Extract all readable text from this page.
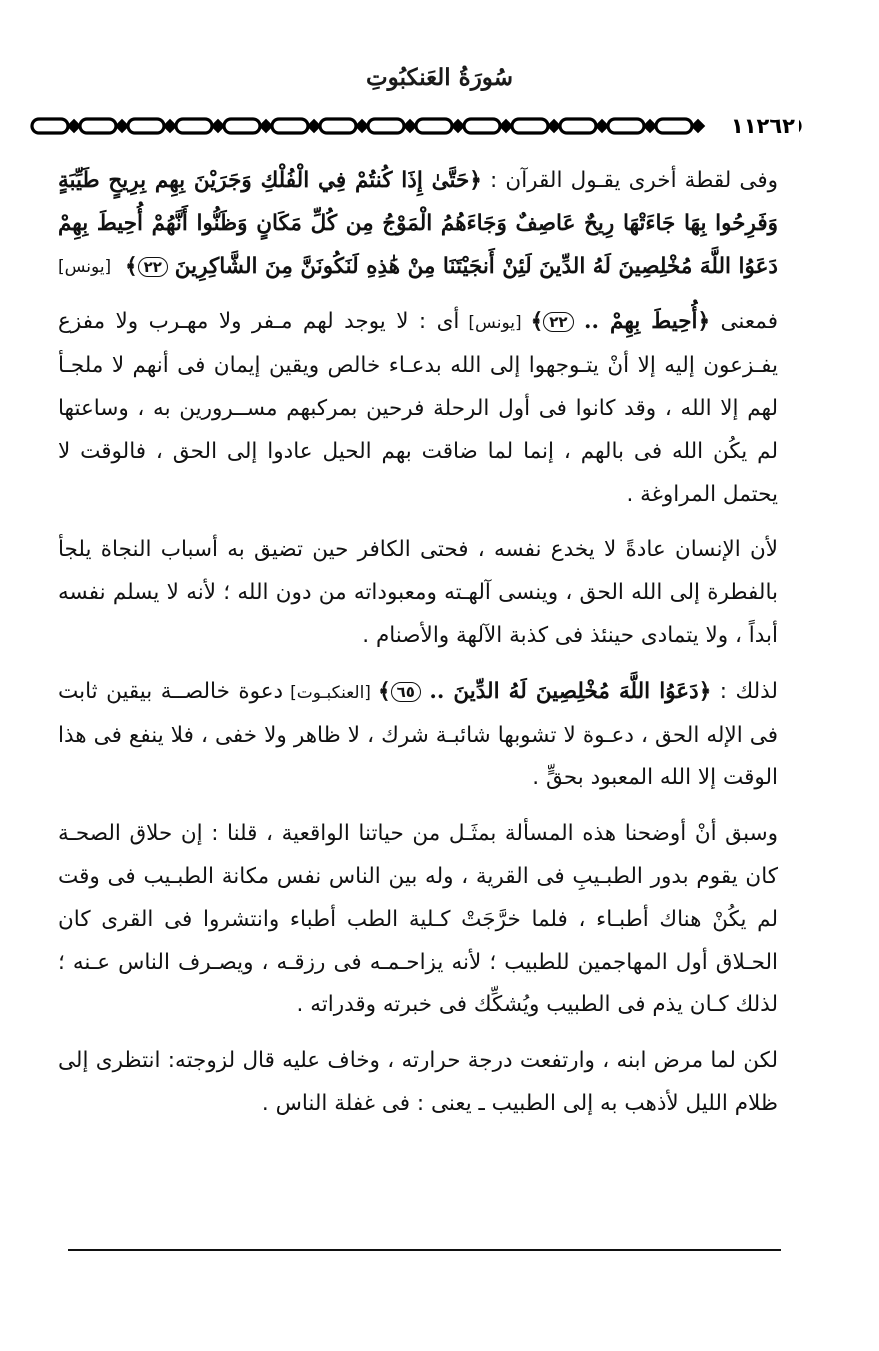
سُورَةُ العَنكبُوتِ
١١٢٦٢

وفى لقطة أخرى يقـول القرآن : ﴿حَتَّىٰ إِذَا كُنتُمْ فِي الْفُلْكِ وَجَرَيْنَ بِهِم بِرِيحٍ طَيِّبَةٍ وَفَرِحُوا بِهَا جَاءَتْهَا رِيحٌ عَاصِفٌ وَجَاءَهُمُ الْمَوْجُ مِن كُلِّ مَكَانٍ وَظَنُّوا أَنَّهُمْ أُحِيطَ بِهِمْ دَعَوُا اللَّهَ مُخْلِصِينَ لَهُ الدِّينَ لَئِنْ أَنجَيْتَنَا مِنْ هَٰذِهِ لَنَكُونَنَّ مِنَ الشَّاكِرِينَ ٢٢﴾
[يونس]

فمعنى ﴿أُحِيطَ بِهِمْ .. ٢٢﴾ [يونس] أى : لا يوجد لهم مـفر ولا مهـرب ولا مفزع يفـزعون إليه إلا أنْ يتـوجهوا إلى الله بدعـاء خالص ويقين إيمان فى أنهم لا ملجـأ لهم إلا الله ، وقد كانوا فى أول الرحلة فرحين بمركبهم مســرورين به ، وساعتها لم يكُن الله فى بالهم ، إنما لما ضاقت بهم الحيل عادوا إلى الحق ، فالوقت لا يحتمل المراوغة .

لأن الإنسان عادةً لا يخدع نفسه ، فحتى الكافر حين تضيق به أسباب النجاة يلجأ بالفطرة إلى الله الحق ، وينسى آلهـته ومعبوداته من دون الله ؛ لأنه لا يسلم نفسه أبداً ، ولا يتمادى حينئذ فى كذبة الآلهة والأصنام .

لذلك : ﴿دَعَوُا اللَّهَ مُخْلِصِينَ لَهُ الدِّينَ .. ٦٥﴾ [العنكبـوت] دعوة خالصــة بيقين ثابت فى الإله الحق ، دعـوة لا تشوبها شائبـة شرك ، لا ظاهر ولا خفى ، فلا ينفع فى هذا الوقت إلا الله المعبود بحقٍّ .

وسبق أنْ أوضحنا هذه المسألة بمثَـل من حياتنا الواقعية ، قلنا : إن حلاق الصحـة كان يقوم بدور الطبـيبِ فى القرية ، وله بين الناس نفس مكانة الطبـيب فى وقت لم يكُنْ هناك أطبـاء ، فلما خرَّجَتْ كـلية الطب أطباء وانتشروا فى القرى كان الحـلاق أول المهاجمين للطبيب ؛ لأنه يزاحـمـه فى رزقـه ، ويصـرف الناس عـنه ؛ لذلك كـان يذم فى الطبيب ويُشكِّك فى خبرته وقدراته .

لكن لما مرض ابنه ، وارتفعت درجة حرارته ، وخاف عليه قال لزوجته: انتظرى إلى ظلام الليل لأذهب به إلى الطبيب ـ يعنى : فى غفلة الناس .
